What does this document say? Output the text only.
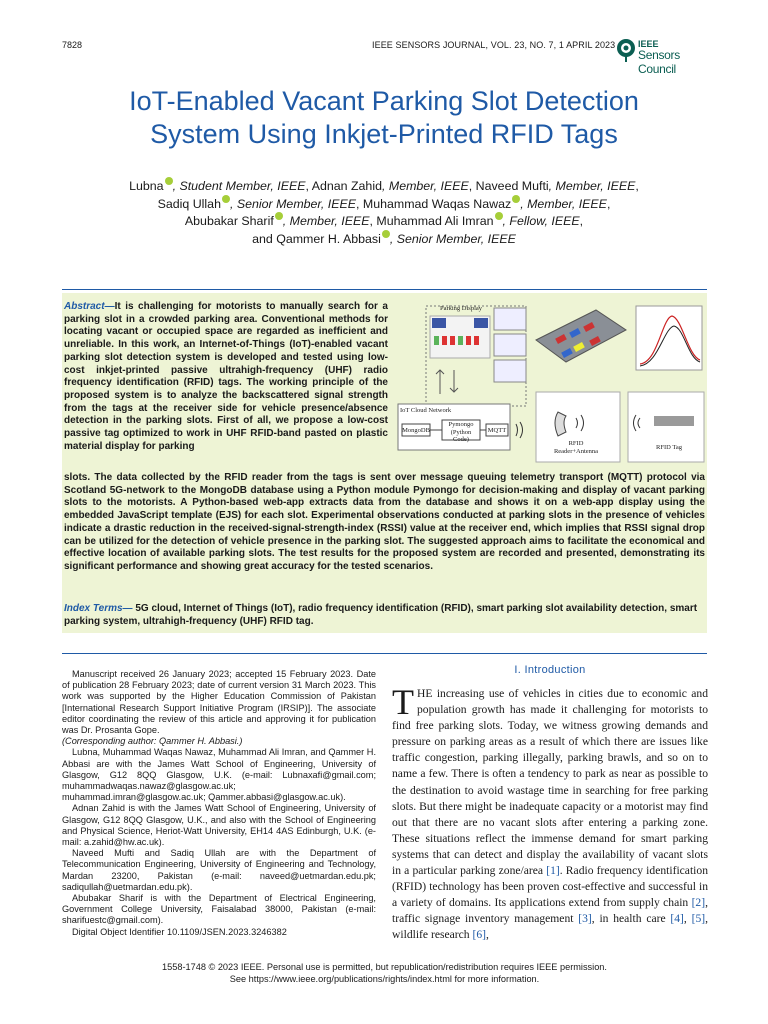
7828	IEEE SENSORS JOURNAL, VOL. 23, NO. 7, 1 APRIL 2023	IEEE
Sensors Council
IoT-Enabled Vacant Parking Slot Detection
System Using Inkjet-Printed RFID Tags
Lubna , Student Member, IEEE, Adnan Zahid, Member, IEEE, Naveed Mufti, Member, IEEE,
Sadiq Ullah , Senior Member, IEEE, Muhammad Waqas Nawaz , Member, IEEE,
Abubakar Sharif , Member, IEEE, Muhammad Ali Imran , Fellow, IEEE,
and Qammer H. Abbasi , Senior Member, IEEE
Abstract—It is challenging for motorists to manually search for a parking slot in a crowded parking area. Conventional methods for locating vacant or occupied space are regarded as inefficient and unreliable. In this work, an Internet-of-Things (IoT)-enabled vacant parking slot detection system is developed and tested using low-cost inkjet-printed passive ultrahigh-frequency (UHF) radio frequency identification (RFID) tags. The working principle of the proposed system is to analyze the backscattered signal strength from the tags at the receiver side for vehicle presence/absence detection in the parking slots. First of all, we propose a low-cost passive tag optimized to work in UHF RFID-band pasted on plastic material display for parking
Parking Display
IoT Cloud Network
MongoDB
Pymongo
(Python Code)
MQTT
RFID
Reader+Antenna
RFID Tag
slots. The data collected by the RFID reader from the tags is sent over message queuing telemetry transport (MQTT) protocol via Scotland 5G-network to the MongoDB database using a Python module Pymongo for decision-making and display of vacant parking slots to the motorists. A Python-based web-app extracts data from the database and shows it on a web-app display using the embedded JavaScript template (EJS) for each slot. Experimental observations conducted at parking slots in the presence of vehicles indicate a drastic reduction in the received-signal-strength-index (RSSI) value at the receiver end, which implies that RSSI signal drop can be utilized for the detection of vehicle presence in the parking slot. The suggested approach aims to facilitate the economical and effective location of available parking slots. The test results for the proposed system are recorded and presented, demonstrating its significant performance and showing great accuracy for the tested scenarios.
Index Terms— 5G cloud, Internet of Things (IoT), radio frequency identification (RFID), smart parking slot availability detection, smart parking system, ultrahigh-frequency (UHF) RFID tag.

Manuscript received 26 January 2023; accepted 15 February 2023. Date of publication 28 February 2023; date of current version 31 March 2023. This work was supported by the Higher Education Commission of Pakistan [International Research Support Initiative Program (IRSIP)]. The associate editor coordinating the review of this article and approving it for publication was Dr. Prosanta Gope.

(Corresponding author: Qammer H. Abbasi.)

Lubna, Muhammad Waqas Nawaz, Muhammad Ali Imran, and Qammer H. Abbasi are with the James Watt School of Engineering, University of Glasgow, G12 8QQ Glasgow, U.K. (e-mail: Lubnaxafi@gmail.com; muhammadwaqas.nawaz@glasgow.ac.uk; muhammad.imran@glasgow.ac.uk; Qammer.abbasi@glasgow.ac.uk).

Adnan Zahid is with the James Watt School of Engineering, University of Glasgow, G12 8QQ Glasgow, U.K., and also with the School of Engineering and Physical Science, Heriot-Watt University, EH14 4AS Edinburgh, U.K. (e-mail: a.zahid@hw.ac.uk).

Naveed Mufti and Sadiq Ullah are with the Department of Telecommunication Engineering, University of Engineering and Technology, Mardan 23200, Pakistan (e-mail: naveed@uetmardan.edu.pk; sadiqullah@uetmardan.edu.pk).

Abubakar Sharif is with the Department of Electrical Engineering, Government College University, Faisalabad 38000, Pakistan (e-mail: sharifuestc@gmail.com).

Digital Object Identifier 10.1109/JSEN.2023.3246382

I. Introduction
THE increasing use of vehicles in cities due to economic and population growth has made it challenging for motorists to find free parking slots. Today, we witness growing demands and pressure on parking areas as a result of which there are issues like traffic congestion, parking illegally, parking brawls, and so on to name a few. There is often a tendency to park as near as possible to the destination to avoid wastage time in searching for free parking slots. But there might be inadequate capacity or a motorist may find out that there are no vacant slots after entering a parking zone. These situations reflect the immense demand for smart parking systems that can detect and display the availability of vacant slots in a particular parking zone/area [1]. Radio frequency identification (RFID) technology has been proven cost-effective and successful in a variety of domains. Its applications extend from supply chain [2], traffic signage inventory management [3], in health care [4], [5], wildlife research [6],
1558-1748 © 2023 IEEE. Personal use is permitted, but republication/redistribution requires IEEE permission.
See https://www.ieee.org/publications/rights/index.html for more information.
